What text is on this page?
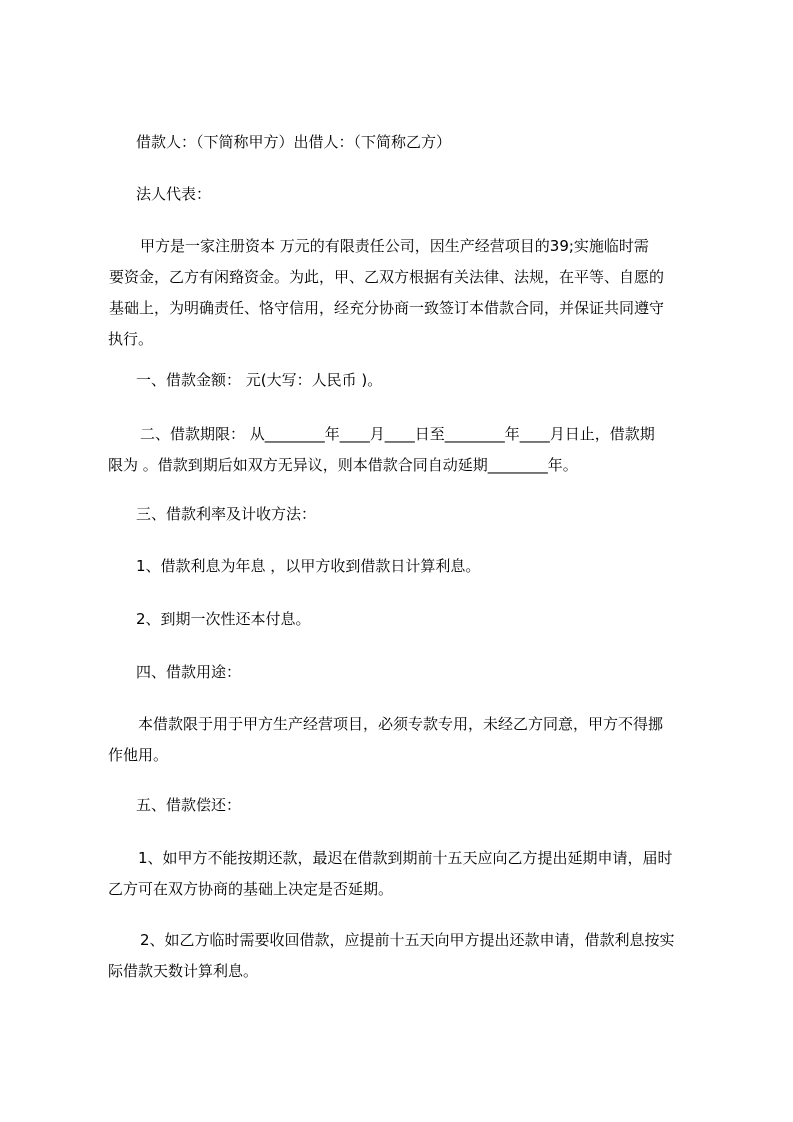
借款人：（下简称甲方）出借人：（下简称乙方）

法人代表：

甲方是一家注册资本 万元的有限责任公司，因生产经营项目的39;实施临时需
要资金，乙方有闲臵资金。为此，甲、乙双方根据有关法律、法规，在平等、自愿的
基础上，为明确责任、恪守信用，经充分协商一致签订本借款合同，并保证共同遵守
执行。

一、借款金额： 元(大写：人民币 )。

二、借款期限： 从________年____月____日至________年____月日止，借款期
限为 。借款到期后如双方无异议，则本借款合同自动延期________年。

三、借款利率及计收方法：

1、借款利息为年息 ，以甲方收到借款日计算利息。

2、到期一次性还本付息。

四、借款用途：

本借款限于用于甲方生产经营项目，必须专款专用，未经乙方同意，甲方不得挪
作他用。

五、借款偿还：

1、如甲方不能按期还款，最迟在借款到期前十五天应向乙方提出延期申请，届时
乙方可在双方协商的基础上决定是否延期。

2、如乙方临时需要收回借款，应提前十五天向甲方提出还款申请，借款利息按实
际借款天数计算利息。
